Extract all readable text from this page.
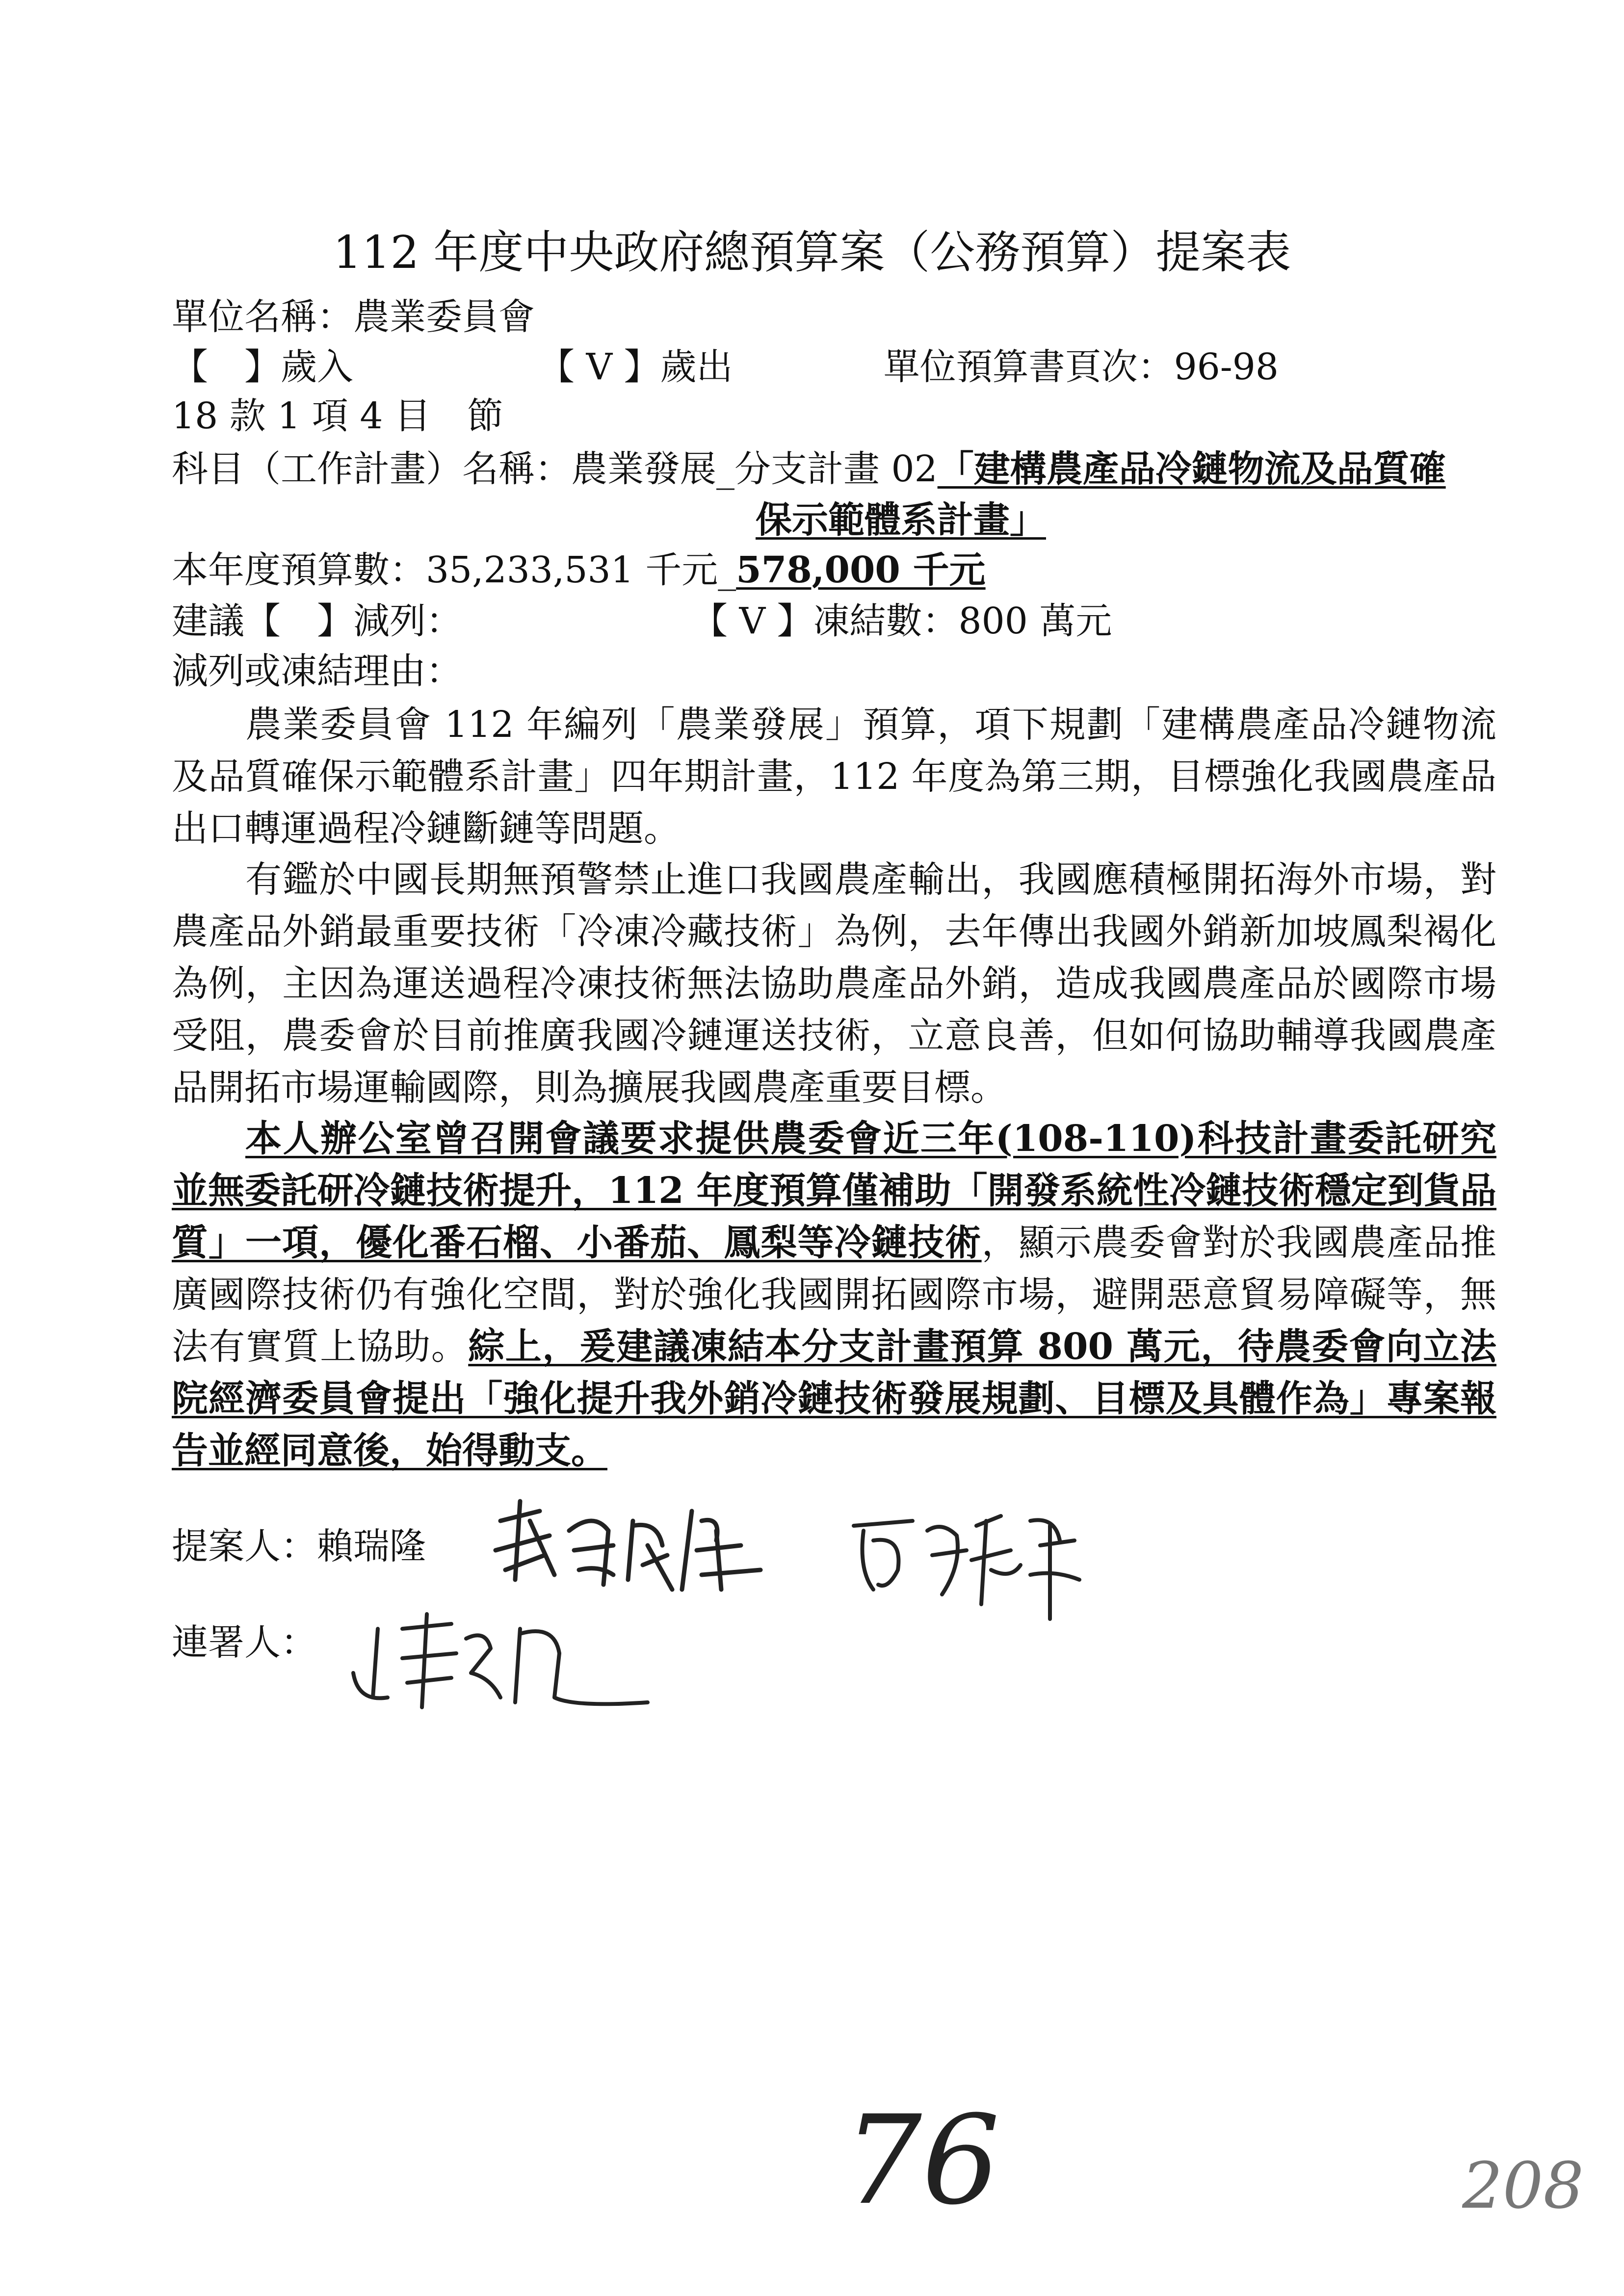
112 年度中央政府總預算案（公務預算）提案表
單位名稱：農業委員會
【　】歲入	【 V 】歲出	單位預算書頁次：96-98
18 款 1 項 4 目　節
科目（工作計畫）名稱：農業發展_分支計畫 02「建構農產品冷鏈物流及品質確
保示範體系計畫」
本年度預算數：35,233,531 千元_578,000 千元
建議【　】減列：	【 V 】凍結數：800 萬元
減列或凍結理由：
農業委員會 112 年編列「農業發展」預算，項下規劃「建構農產品冷鏈物流及品質確保示範體系計畫」四年期計畫，112 年度為第三期，目標強化我國農產品出口轉運過程冷鏈斷鏈等問題。
有鑑於中國長期無預警禁止進口我國農產輸出，我國應積極開拓海外市場，對農產品外銷最重要技術「冷凍冷藏技術」為例，去年傳出我國外銷新加坡鳳梨褐化為例，主因為運送過程冷凍技術無法協助農產品外銷，造成我國農產品於國際市場受阻，農委會於目前推廣我國冷鏈運送技術，立意良善，但如何協助輔導我國農產品開拓市場運輸國際，則為擴展我國農產重要目標。
本人辦公室曾召開會議要求提供農委會近三年(108-110)科技計畫委託研究並無委託研冷鏈技術提升，112 年度預算僅補助「開發系統性冷鏈技術穩定到貨品質」一項，優化番石榴、小番茄、鳳梨等冷鏈技術，顯示農委會對於我國農產品推廣國際技術仍有強化空間，對於強化我國開拓國際市場，避開惡意貿易障礙等，無法有實質上協助。綜上，爰建議凍結本分支計畫預算 800 萬元，待農委會向立法院經濟委員會提出「強化提升我外銷冷鏈技術發展規劃、目標及具體作為」專案報告並經同意後，始得動支。
提案人：賴瑞隆
連署人：
76	208
